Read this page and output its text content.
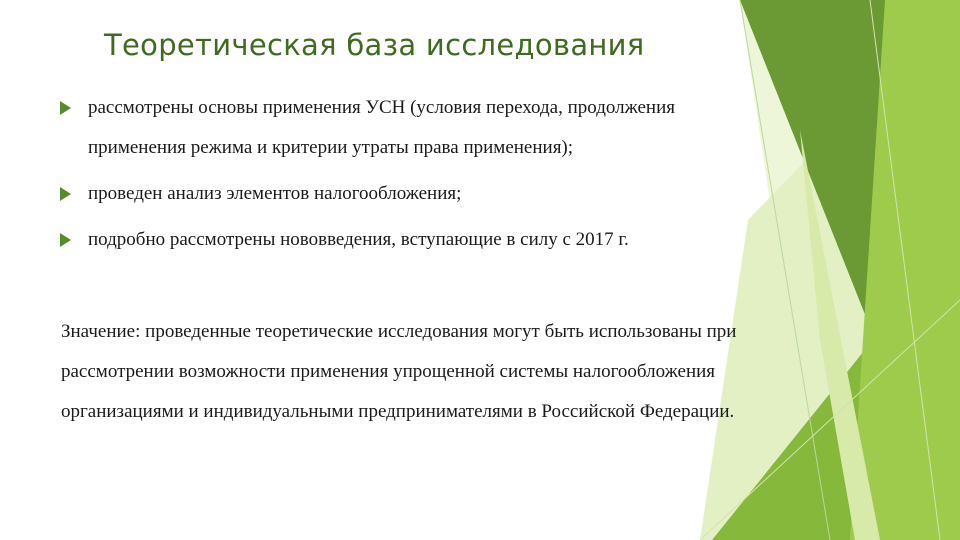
Теоретическая база исследования
рассмотрены основы применения УСН (условия перехода, продолжения применения режима и критерии утраты права применения);
проведен анализ элементов налогообложения;
подробно рассмотрены нововведения, вступающие в силу с 2017 г.

Значение: проведенные теоретические исследования могут быть использованы при рассмотрении возможности применения упрощенной системы налогообложения организациями и индивидуальными предпринимателями в Российской Федерации.
